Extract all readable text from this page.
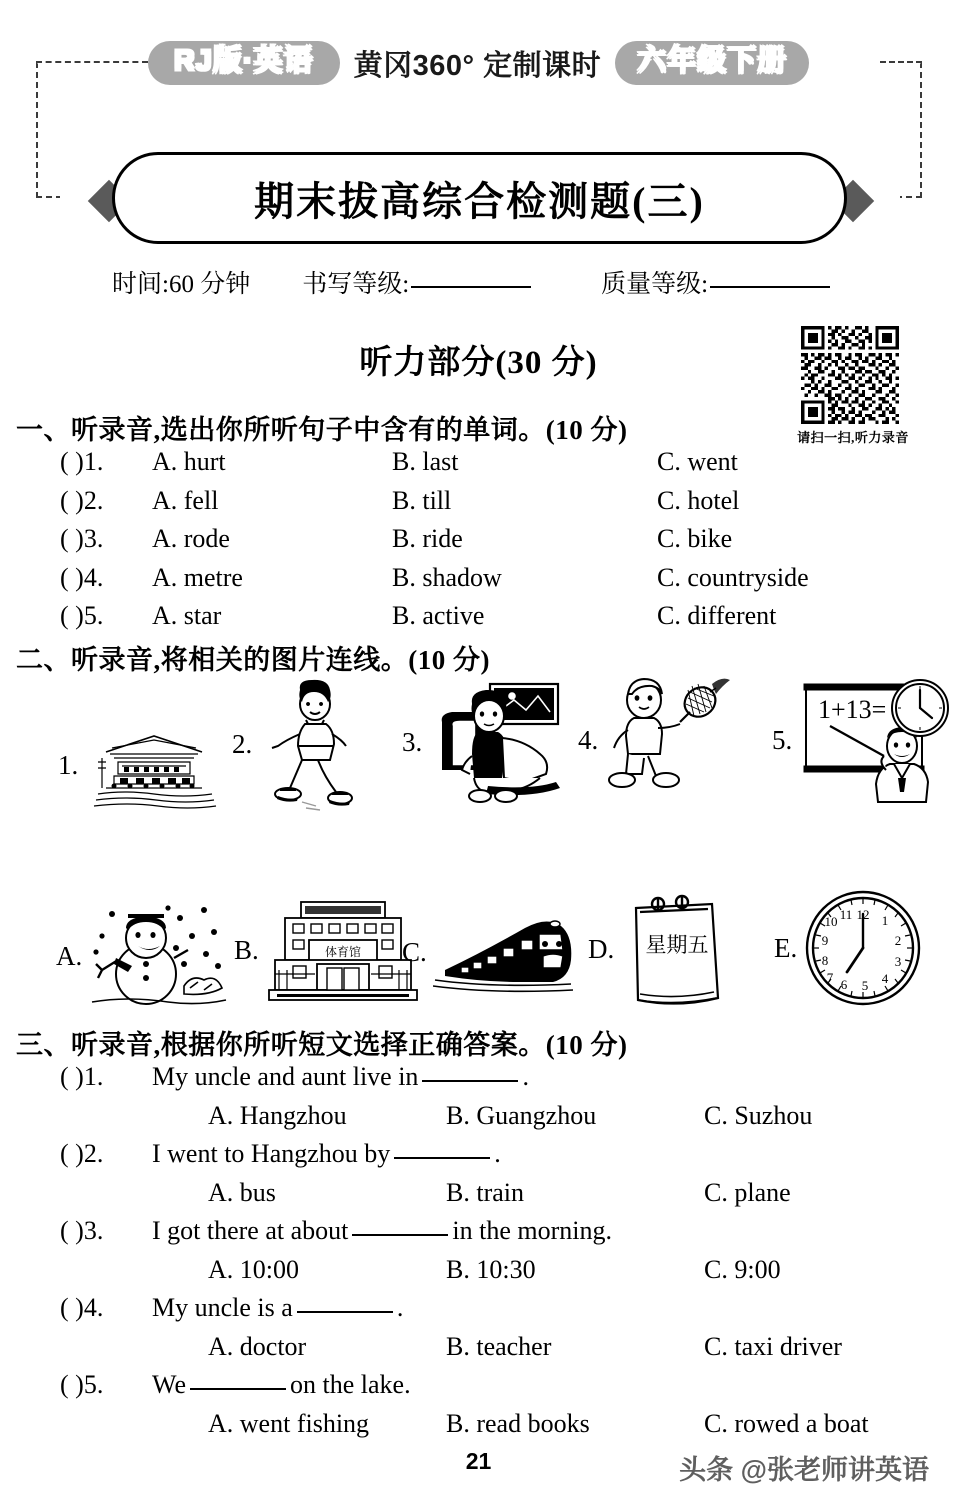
RJ版·英语	黄冈360° 定制课时	六年级下册
期末拔高综合检测题(三)
时间:60 分钟 书写等级:	质量等级:
听力部分(30 分)
请扫一扫,听力录音
一、听录音,选出你所听句子中含有的单词。(10 分)
( )1.	A. hurt	B. last	C. went
( )2.	A. fell	B. till	C. hotel
( )3.	A. rode	B. ride	C. bike
( )4.	A. metre	B. shadow	C. countryside
( )5.	A. star	B. active	C. different
二、听录音,将相关的图片连线。(10 分)
1.
2.	3.	4.	5.
1+13=
A.	B.	体育馆 C.	D. 星期五 E.
12 1
2
3
4
5
6
7
8
9
10 11
三、听录音,根据你所听短文选择正确答案。(10 分)
( )1.	My uncle and aunt live in	.
A. Hangzhou	B. Guangzhou	C. Suzhou
( )2.	I went to Hangzhou by	.
A. bus	B. train	C. plane
( )3.	I got there at about	in the morning.
A. 10:00	B. 10:30	C. 9:00
( )4.	My uncle is a	.
A. doctor	B. teacher	C. taxi driver
( )5.	We	on the lake.
A. went fishing	B. read books	C. rowed a boat
21	头条 @张老师讲英语
